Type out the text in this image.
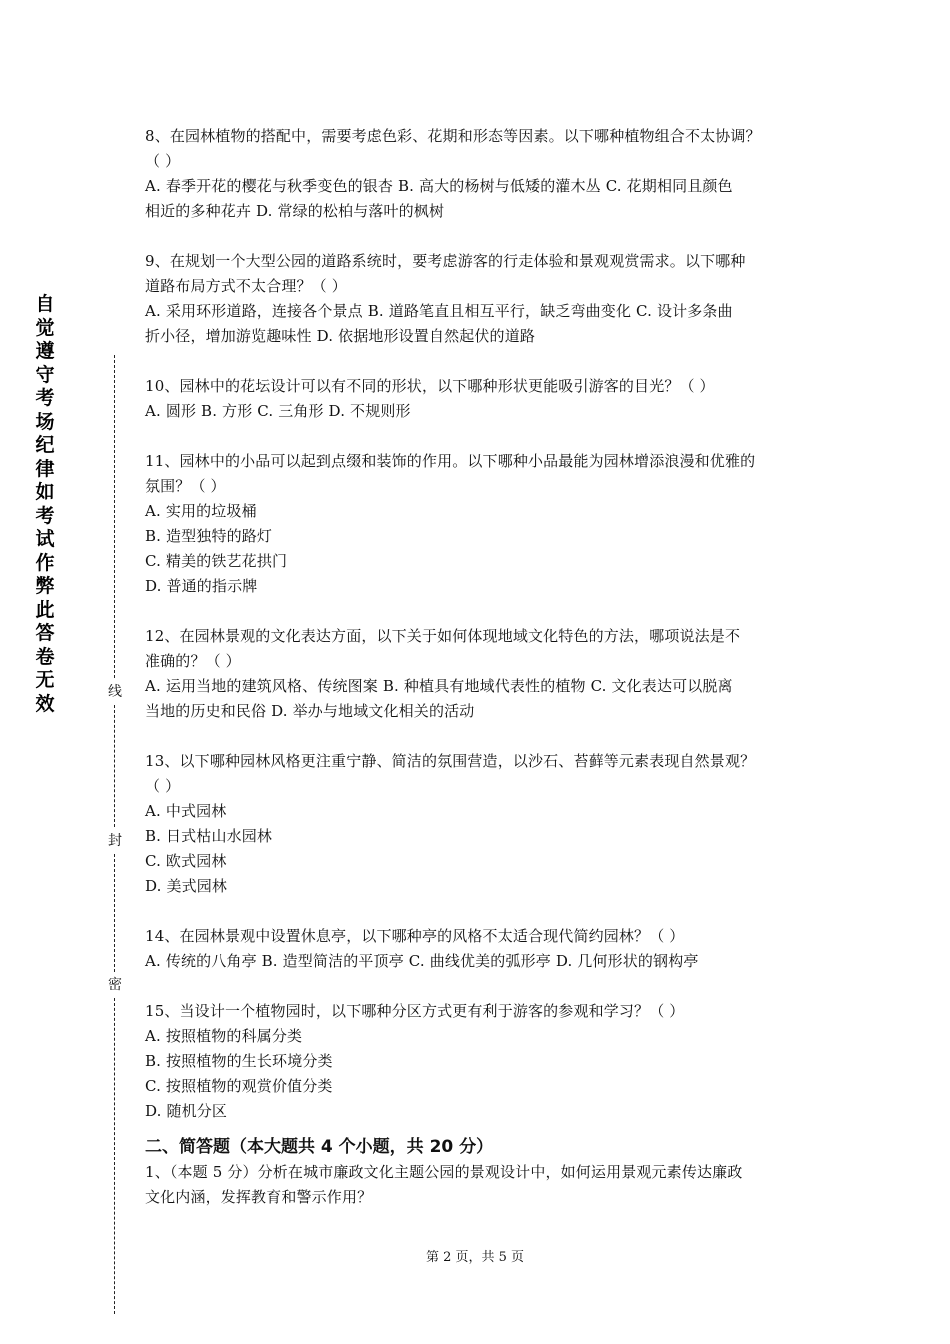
自
觉
遵
守
考
场
纪
律
如
考
试
作
弊
此
答
卷
无
效
线
封
密
8、在园林植物的搭配中，需要考虑色彩、花期和形态等因素。以下哪种植物组合不太协调？
（ ）
A. 春季开花的樱花与秋季变色的银杏 B. 高大的杨树与低矮的灌木丛 C. 花期相同且颜色
相近的多种花卉 D. 常绿的松柏与落叶的枫树
9、在规划一个大型公园的道路系统时，要考虑游客的行走体验和景观观赏需求。以下哪种
道路布局方式不太合理？（ ）
A. 采用环形道路，连接各个景点 B. 道路笔直且相互平行，缺乏弯曲变化 C. 设计多条曲
折小径，增加游览趣味性 D. 依据地形设置自然起伏的道路
10、园林中的花坛设计可以有不同的形状，以下哪种形状更能吸引游客的目光？（ ）
A. 圆形 B. 方形 C. 三角形 D. 不规则形
11、园林中的小品可以起到点缀和装饰的作用。以下哪种小品最能为园林增添浪漫和优雅的
氛围？（ ）
A. 实用的垃圾桶
B. 造型独特的路灯
C. 精美的铁艺花拱门
D. 普通的指示牌
12、在园林景观的文化表达方面，以下关于如何体现地域文化特色的方法，哪项说法是不
准确的？（ ）
A. 运用当地的建筑风格、传统图案 B. 种植具有地域代表性的植物 C. 文化表达可以脱离
当地的历史和民俗 D. 举办与地域文化相关的活动
13、以下哪种园林风格更注重宁静、简洁的氛围营造，以沙石、苔藓等元素表现自然景观？
（ ）
A. 中式园林
B. 日式枯山水园林
C. 欧式园林
D. 美式园林
14、在园林景观中设置休息亭，以下哪种亭的风格不太适合现代简约园林？（ ）
A. 传统的八角亭 B. 造型简洁的平顶亭 C. 曲线优美的弧形亭 D. 几何形状的钢构亭
15、当设计一个植物园时，以下哪种分区方式更有利于游客的参观和学习？（ ）
A. 按照植物的科属分类
B. 按照植物的生长环境分类
C. 按照植物的观赏价值分类
D. 随机分区
二、简答题（本大题共 4 个小题，共 20 分）
1、（本题 5 分）分析在城市廉政文化主题公园的景观设计中，如何运用景观元素传达廉政
文化内涵，发挥教育和警示作用？
第 2 页，共 5 页
